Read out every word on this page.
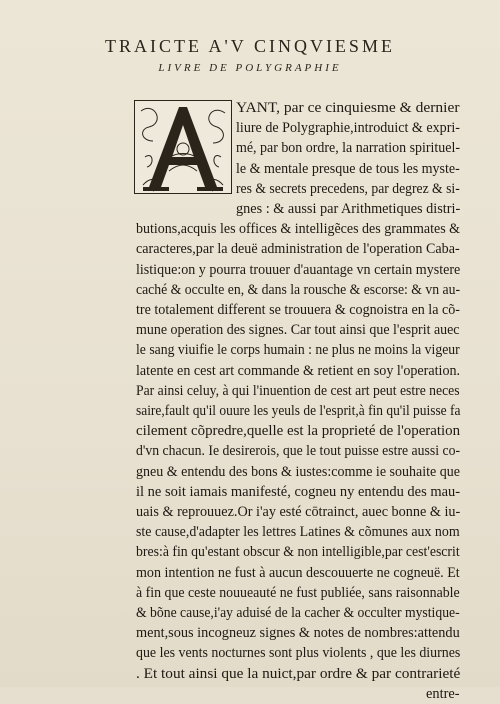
TRAICTE A'V CINQVIESME
LIVRE DE POLYGRAPHIE
YANT, par ce cinquiesme & dernier
liure de Polygraphie,introduict & expri-
mé, par bon ordre, la narration spirituel-
le & mentale presque de tous les myste-
res & secrets precedens, par degrez & si-
gnes : & aussi par Arithmetiques distri-
butions,acquis les offices & intelligẽces des grammates &
caracteres,par la deuë administration de l'operation Caba-
listique:on y pourra trouuer d'auantage vn certain mystere
caché & occulte en, & dans la rousche & escorse: & vn au-
tre totalement different se trouuera & cognoistra en la cõ-
mune operation des signes. Car tout ainsi que l'esprit auec
le sang viuifie le corps humain : ne plus ne moins la vigeur
latente en cest art commande & retient en soy l'operation.
Par ainsi celuy, à qui l'inuention de cest art peut estre neces
saire,fault qu'il ouure les yeuls de l'esprit,à fin qu'il puisse fa
cilement cõpredre,quelle est la proprieté de l'operation
d'vn chacun. Ie desirerois, que le tout puisse estre aussi co-
gneu & entendu des bons & iustes:comme ie souhaite que
il ne soit iamais manifesté, cogneu ny entendu des mau-
uais & reprouuez.Or i'ay esté cōtrainct, auec bonne & iu-
ste cause,d'adapter les lettres Latines & cõmunes aux nom
bres:à fin qu'estant obscur & non intelligible,par cest'escrit
mon intention ne fust à aucun descouuerte ne cogneuë. Et
à fin que ceste nouueauté ne fust publiée, sans raisonnable
& bõne cause,i'ay aduisé de la cacher & occulter mystique-
ment,sous incogneuz signes & notes de nombres:attendu
que les vents nocturnes sont plus violents , que les diurnes
. Et tout ainsi que la nuict,par ordre & par contrarieté
entre-
